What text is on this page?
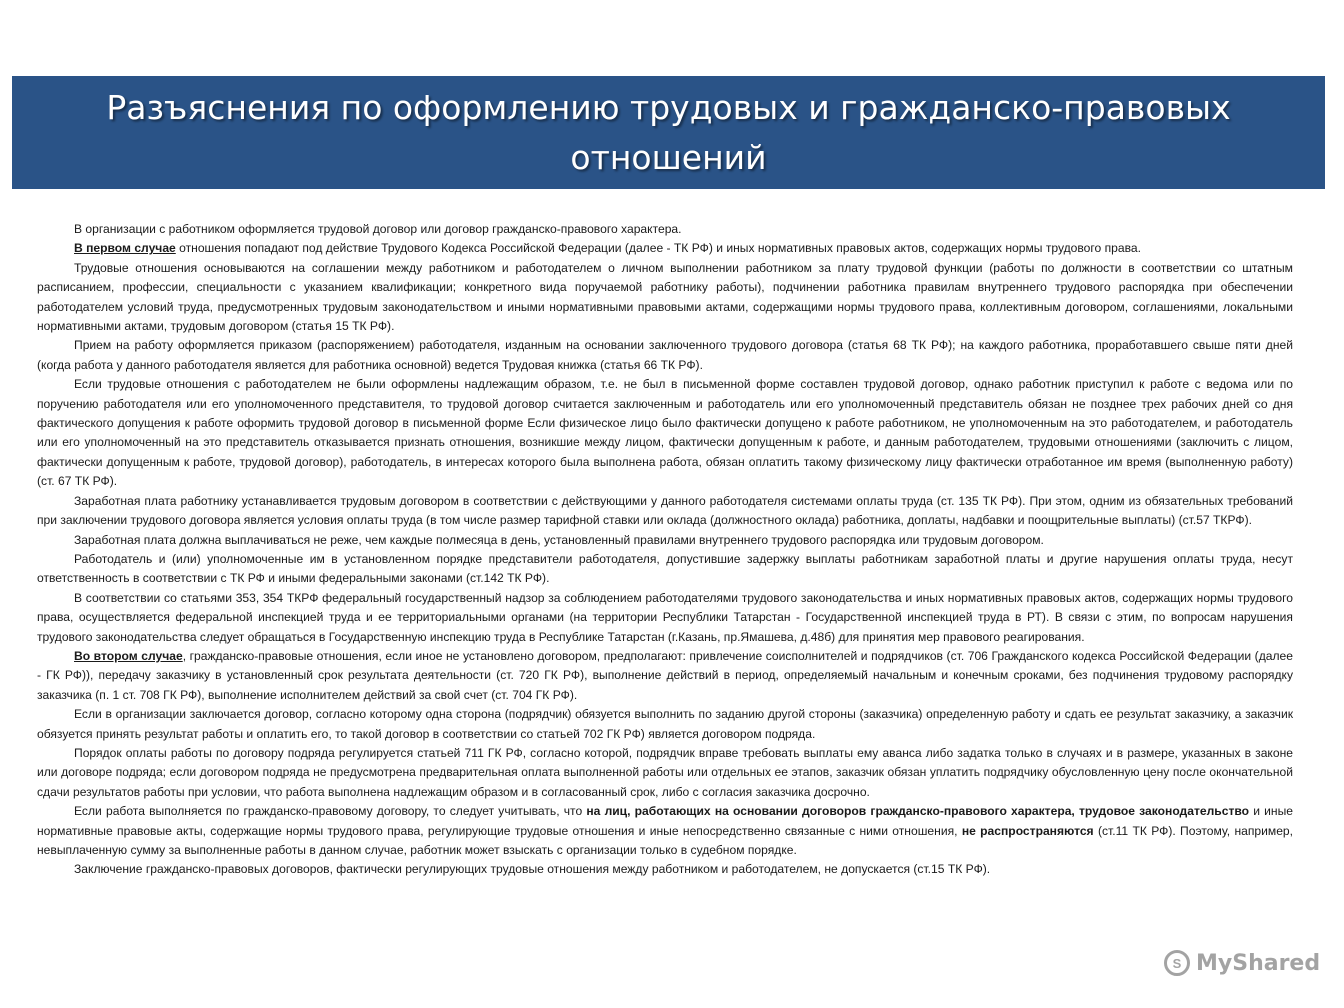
Разъяснения по оформлению трудовых и гражданско-правовых отношений

В организации с работником оформляется трудовой договор или договор гражданско-правового характера.

В первом случае отношения попадают под действие Трудового Кодекса Российской Федерации (далее - ТК РФ) и иных нормативных правовых актов, содержащих нормы трудового права.

Трудовые отношения основываются на соглашении между работником и работодателем о личном выполнении работником за плату трудовой функции (работы по должности в соответствии со штатным расписанием, профессии, специальности с указанием квалификации; конкретного вида поручаемой работнику работы), подчинении работника правилам внутреннего трудового распорядка при обеспечении работодателем условий труда, предусмотренных трудовым законодательством и иными нормативными правовыми актами, содержащими нормы трудового права, коллективным договором, соглашениями, локальными нормативными актами, трудовым договором (статья 15 ТК РФ).

Прием на работу оформляется приказом (распоряжением) работодателя, изданным на основании заключенного трудового договора (статья 68 ТК РФ); на каждого работника, проработавшего свыше пяти дней (когда работа у данного работодателя является для работника основной) ведется Трудовая книжка (статья 66 ТК РФ).

Если трудовые отношения с работодателем не были оформлены надлежащим образом, т.е. не был в письменной форме составлен трудовой договор, однако работник приступил к работе с ведома или по поручению работодателя или его уполномоченного представителя, то трудовой договор считается заключенным и работодатель или его уполномоченный представитель обязан не позднее трех рабочих дней со дня фактического допущения к работе оформить трудовой договор в письменной форме Если физическое лицо было фактически допущено к работе работником, не уполномоченным на это работодателем, и работодатель или его уполномоченный на это представитель отказывается признать отношения, возникшие между лицом, фактически допущенным к работе, и данным работодателем, трудовыми отношениями (заключить с лицом, фактически допущенным к работе, трудовой договор), работодатель, в интересах которого была выполнена работа, обязан оплатить такому физическому лицу фактически отработанное им время (выполненную работу) (ст. 67 ТК РФ).

Заработная плата работнику устанавливается трудовым договором в соответствии с действующими у данного работодателя системами оплаты труда (ст. 135 ТК РФ). При этом, одним из обязательных требований при заключении трудового договора является условия оплаты труда (в том числе размер тарифной ставки или оклада (должностного оклада) работника, доплаты, надбавки и поощрительные выплаты) (ст.57 ТКРФ).

Заработная плата должна выплачиваться не реже, чем каждые полмесяца в день, установленный правилами внутреннего трудового распорядка или трудовым договором.

Работодатель и (или) уполномоченные им в установленном порядке представители работодателя, допустившие задержку выплаты работникам заработной платы и другие нарушения оплаты труда, несут ответственность в соответствии с ТК РФ и иными федеральными законами (ст.142 ТК РФ).

В соответствии со статьями 353, 354 ТКРФ федеральный государственный надзор за соблюдением работодателями трудового законодательства и иных нормативных правовых актов, содержащих нормы трудового права, осуществляется федеральной инспекцией труда и ее территориальными органами (на территории Республики Татарстан - Государственной инспекцией труда в РТ). В связи с этим, по вопросам нарушения трудового законодательства следует обращаться в Государственную инспекцию труда в Республике Татарстан (г.Казань, пр.Ямашева, д.48б) для принятия мер правового реагирования.

Во втором случае, гражданско-правовые отношения, если иное не установлено договором, предполагают: привлечение соисполнителей и подрядчиков (ст. 706 Гражданского кодекса Российской Федерации (далее - ГК РФ)), передачу заказчику в установленный срок результата деятельности (ст. 720 ГК РФ), выполнение действий в период, определяемый начальным и конечным сроками, без подчинения трудовому распорядку заказчика (п. 1 ст. 708 ГК РФ), выполнение исполнителем действий за свой счет (ст. 704 ГК РФ).

Если в организации заключается договор, согласно которому одна сторона (подрядчик) обязуется выполнить по заданию другой стороны (заказчика) определенную работу и сдать ее результат заказчику, а заказчик обязуется принять результат работы и оплатить его, то такой договор в соответствии со статьей 702 ГК РФ) является договором подряда.

Порядок оплаты работы по договору подряда регулируется статьей 711 ГК РФ, согласно которой, подрядчик вправе требовать выплаты ему аванса либо задатка только в случаях и в размере, указанных в законе или договоре подряда; если договором подряда не предусмотрена предварительная оплата выполненной работы или отдельных ее этапов, заказчик обязан уплатить подрядчику обусловленную цену после окончательной сдачи результатов работы при условии, что работа выполнена надлежащим образом и в согласованный срок, либо с согласия заказчика досрочно.

Если работа выполняется по гражданско-правовому договору, то следует учитывать, что на лиц, работающих на основании договоров гражданско-правового характера, трудовое законодательство и иные нормативные правовые акты, содержащие нормы трудового права, регулирующие трудовые отношения и иные непосредственно связанные с ними отношения, не распространяются (ст.11 ТК РФ). Поэтому, например, невыплаченную сумму за выполненные работы в данном случае, работник может взыскать с организации только в судебном порядке.

Заключение гражданско-правовых договоров, фактически регулирующих трудовые отношения между работником и работодателем, не допускается (ст.15 ТК РФ).

S MyShared
